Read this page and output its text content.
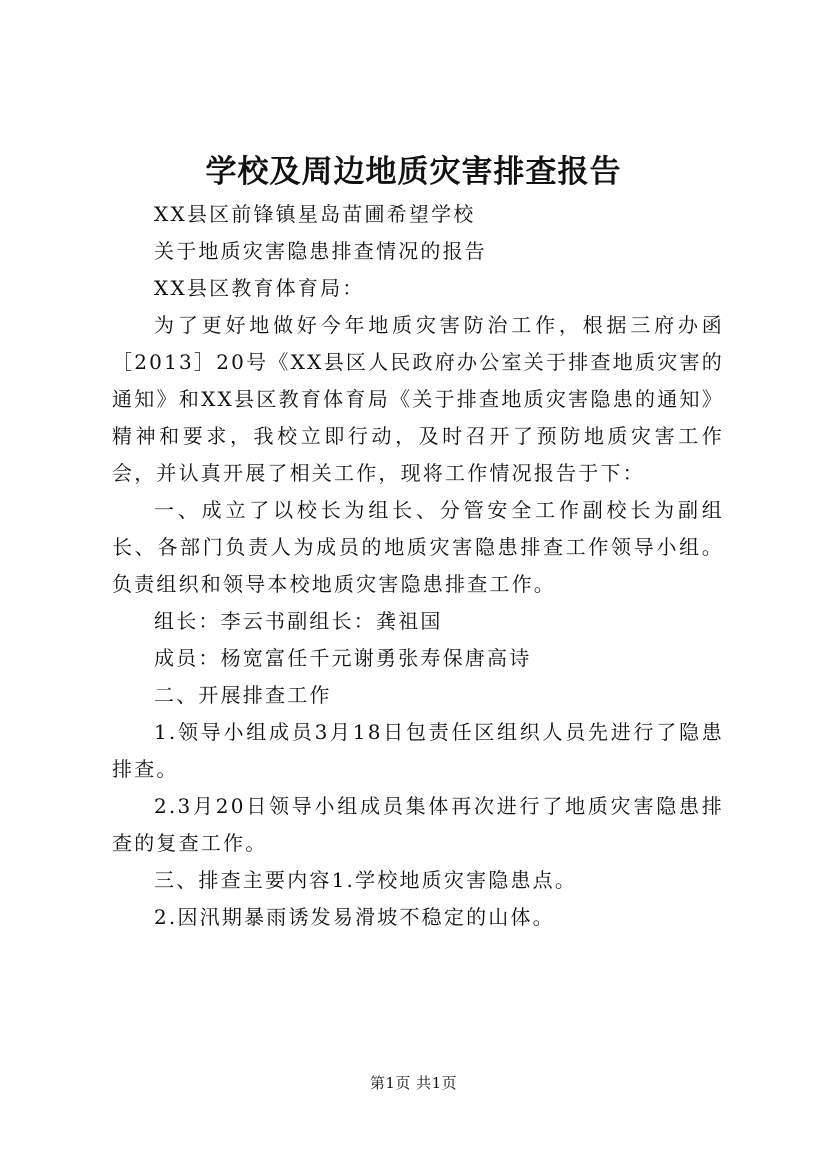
学校及周边地质灾害排查报告

XX县区前锋镇星岛苗圃希望学校

关于地质灾害隐患排查情况的报告

XX县区教育体育局：

为了更好地做好今年地质灾害防治工作，根据三府办函［2013］20号《XX县区人民政府办公室关于排查地质灾害的通知》和XX县区教育体育局《关于排查地质灾害隐患的通知》精神和要求，我校立即行动，及时召开了预防地质灾害工作会，并认真开展了相关工作，现将工作情况报告于下：

一、成立了以校长为组长、分管安全工作副校长为副组长、各部门负责人为成员的地质灾害隐患排查工作领导小组。负责组织和领导本校地质灾害隐患排查工作。

组长：李云书副组长：龚祖国

成员：杨宽富任千元谢勇张寿保唐高诗

二、开展排查工作

1.领导小组成员3月18日包责任区组织人员先进行了隐患排查。

2.3月20日领导小组成员集体再次进行了地质灾害隐患排查的复查工作。

三、排查主要内容1.学校地质灾害隐患点。

2.因汛期暴雨诱发易滑坡不稳定的山体。

第1页 共1页
